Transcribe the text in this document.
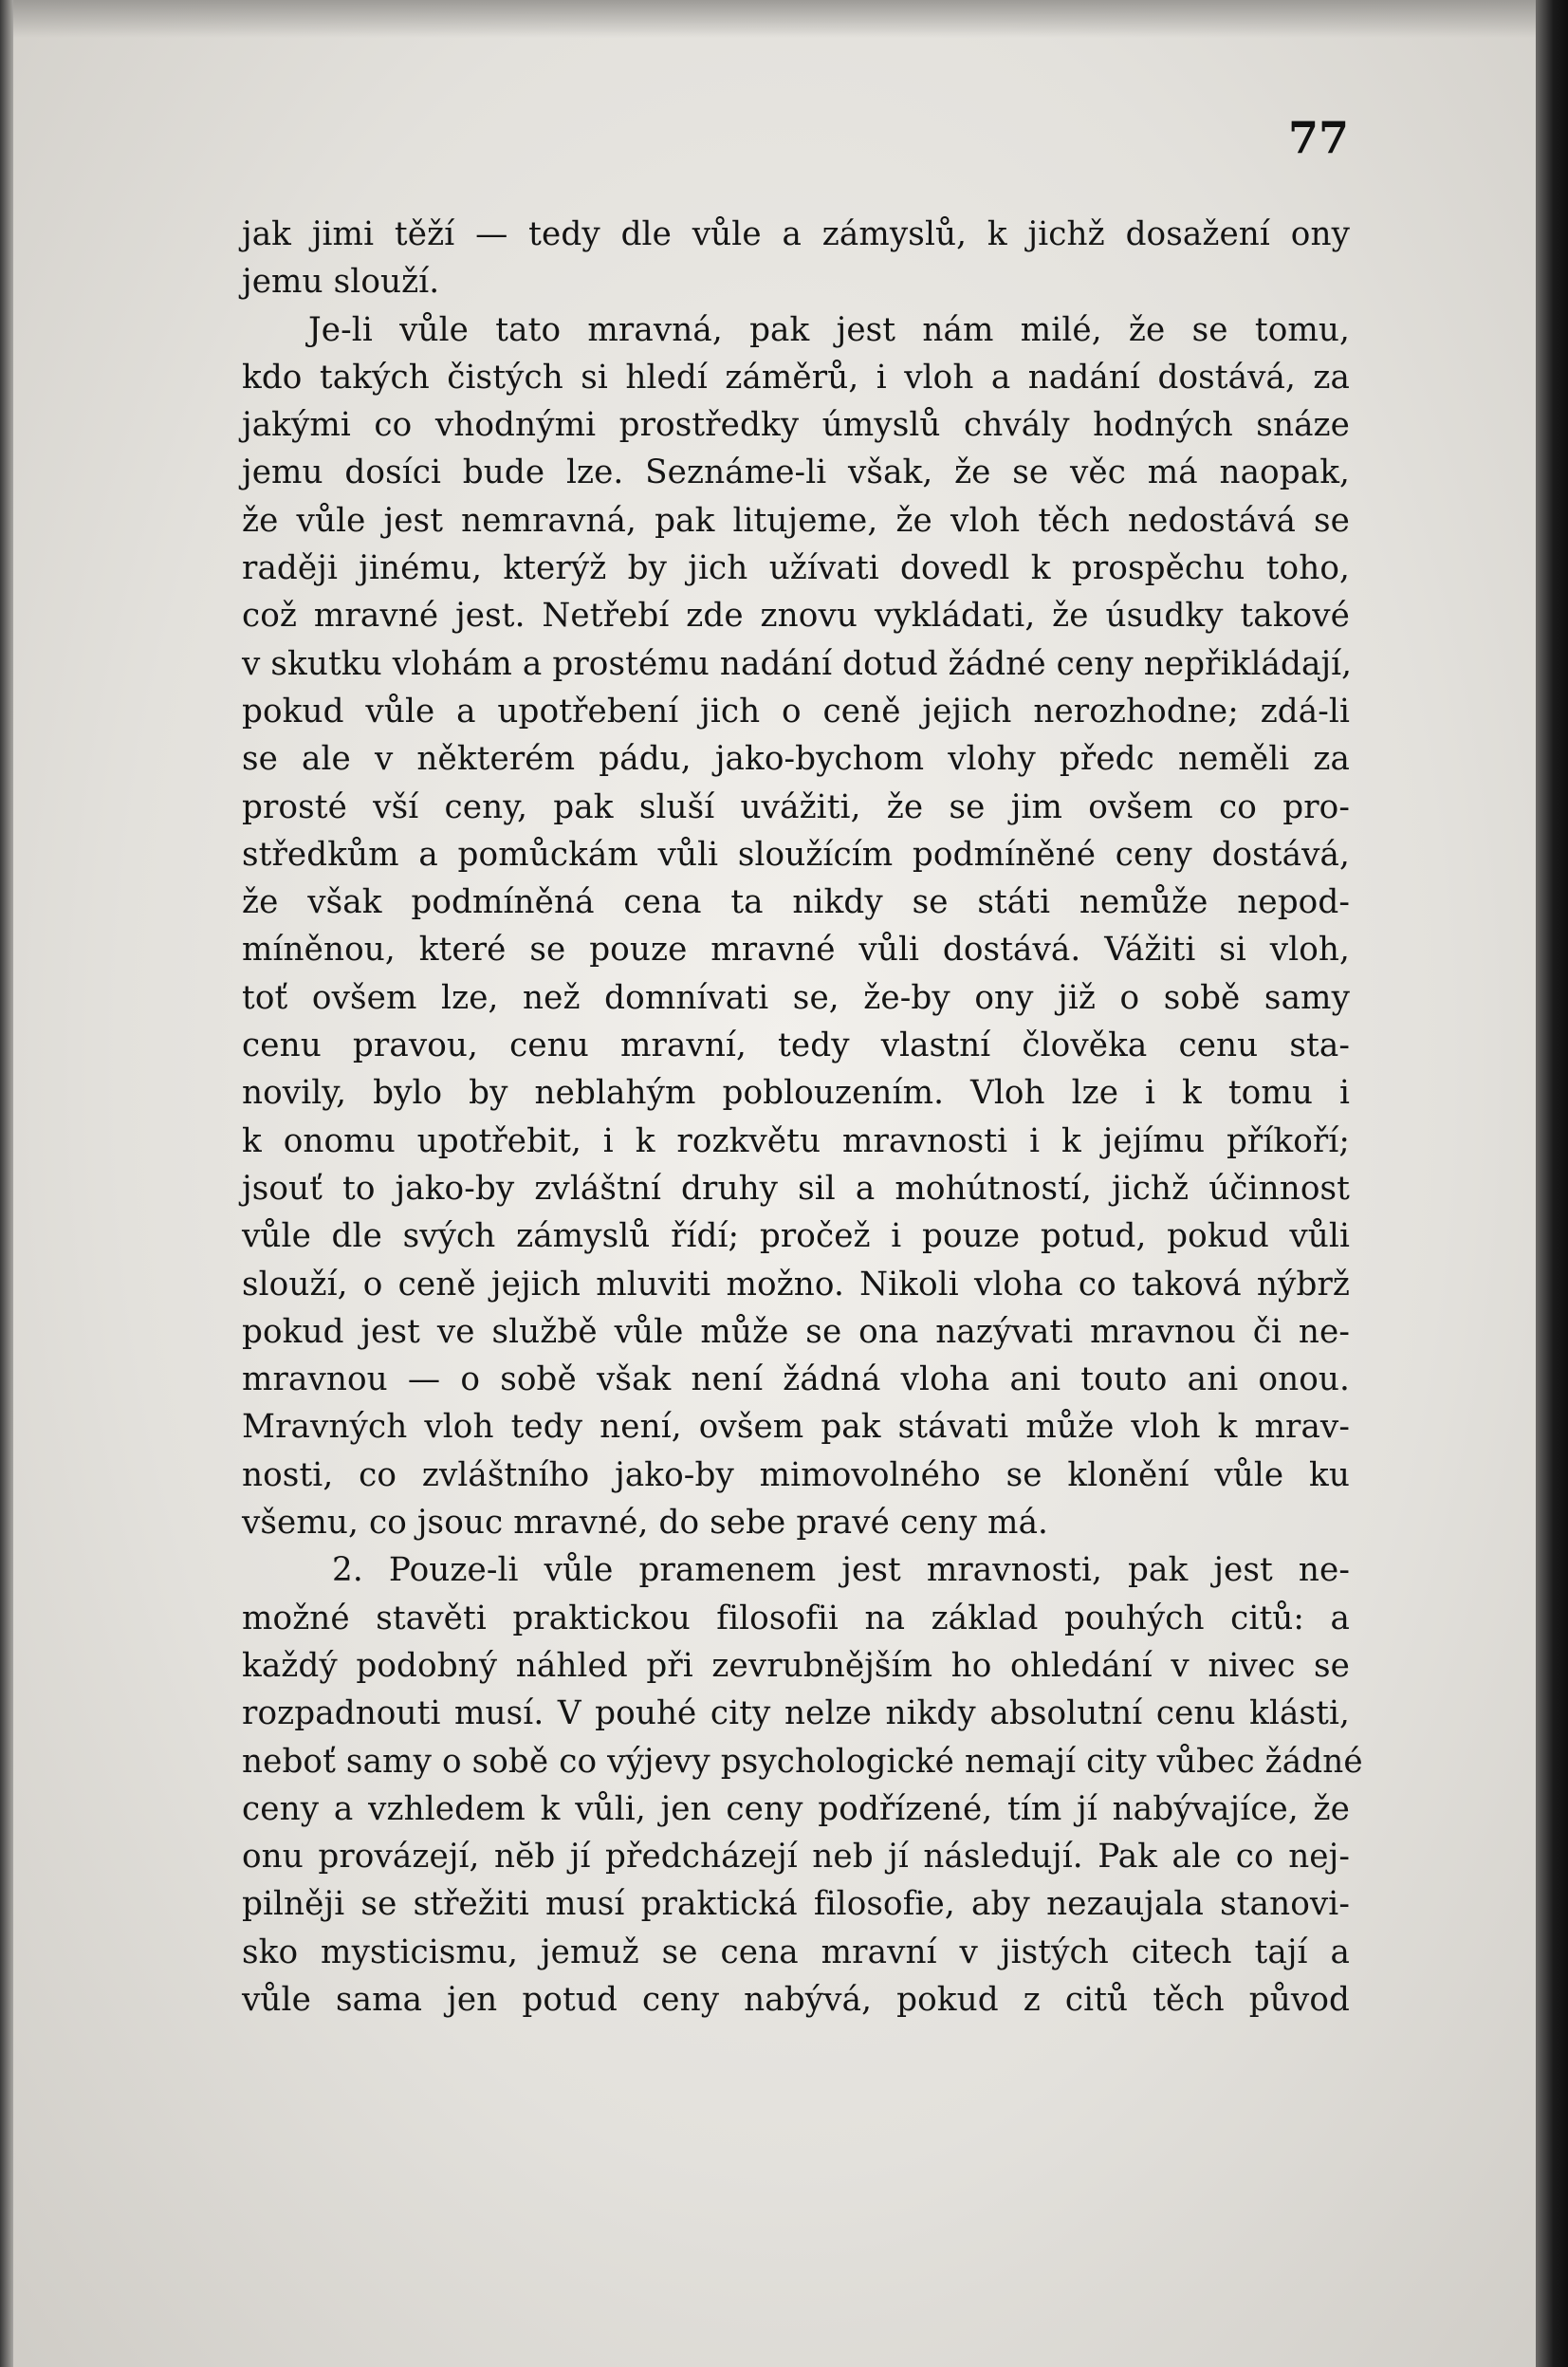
77

jak jimi těží — tedy dle vůle a zámyslů, k jichž dosažení ony
jemu slouží.
Je-li vůle tato mravná, pak jest nám milé, že se tomu,
kdo takých čistých si hledí záměrů, i vloh a nadání dostává, za
jakými co vhodnými prostředky úmyslů chvály hodných snáze
jemu dosíci bude lze. Seznáme-li však, že se věc má naopak,
že vůle jest nemravná, pak litujeme, že vloh těch nedostává se
raději jinému, kterýž by jich užívati dovedl k prospěchu toho,
což mravné jest. Netřebí zde znovu vykládati, že úsudky takové
v skutku vlohám a prostému nadání dotud žádné ceny nepřikládají,
pokud vůle a upotřebení jich o ceně jejich nerozhodne; zdá-li
se ale v některém pádu, jako-bychom vlohy předc neměli za
prosté vší ceny, pak sluší uvážiti, že se jim ovšem co pro-
středkům a pomůckám vůli sloužícím podmíněné ceny dostává,
že však podmíněná cena ta nikdy se státi nemůže nepod-
míněnou, které se pouze mravné vůli dostává. Vážiti si vloh,
toť ovšem lze, než domnívati se, že-by ony již o sobě samy
cenu pravou, cenu mravní, tedy vlastní člověka cenu sta-
novily, bylo by neblahým poblouzením. Vloh lze i k tomu i
k onomu upotřebit, i k rozkvětu mravnosti i k jejímu příkoří;
jsouť to jako-by zvláštní druhy sil a mohútností, jichž účinnost
vůle dle svých zámyslů řídí; pročež i pouze potud, pokud vůli
slouží, o ceně jejich mluviti možno. Nikoli vloha co taková nýbrž
pokud jest ve službě vůle může se ona nazývati mravnou či ne-
mravnou — o sobě však není žádná vloha ani touto ani onou.
Mravných vloh tedy není, ovšem pak stávati může vloh k mrav-
nosti, co zvláštního jako-by mimovolného se klonění vůle ku
všemu, co jsouc mravné, do sebe pravé ceny má.
2. Pouze-li vůle pramenem jest mravnosti, pak jest ne-
možné stavěti praktickou filosofii na základ pouhých citů: a
každý podobný náhled při zevrubnějším ho ohledání v nivec se
rozpadnouti musí. V pouhé city nelze nikdy absolutní cenu klásti,
neboť samy o sobě co výjevy psychologické nemají city vůbec žádné
ceny a vzhledem k vůli, jen ceny podřízené, tím jí nabývajíce, že
onu provázejí, nĕb jí předcházejí neb jí následují. Pak ale co nej-
pilněji se střežiti musí praktická filosofie, aby nezaujala stanovi-
sko mysticismu, jemuž se cena mravní v jistých citech tají a
vůle sama jen potud ceny nabývá, pokud z citů těch původ
